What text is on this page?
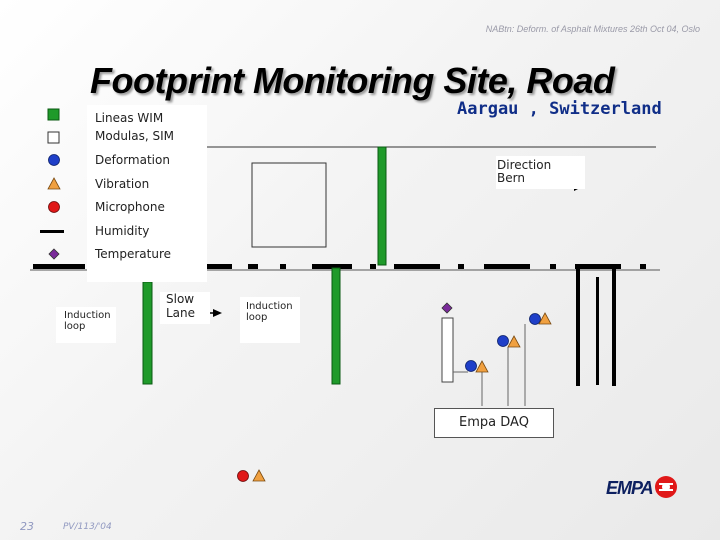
NABtn: Deform. of Asphalt Mixtures 26th Oct 04, Oslo
Footprint Monitoring Site, Road
Aargau , Switzerland
Lineas WIM
Modulas, SIM
Deformation
Vibration
Microphone
Humidity
Temperature
Direction
Bern
Slow
Lane
Induction loop
Induction loop
Empa DAQ
23	PV/113/'04
EMPA
